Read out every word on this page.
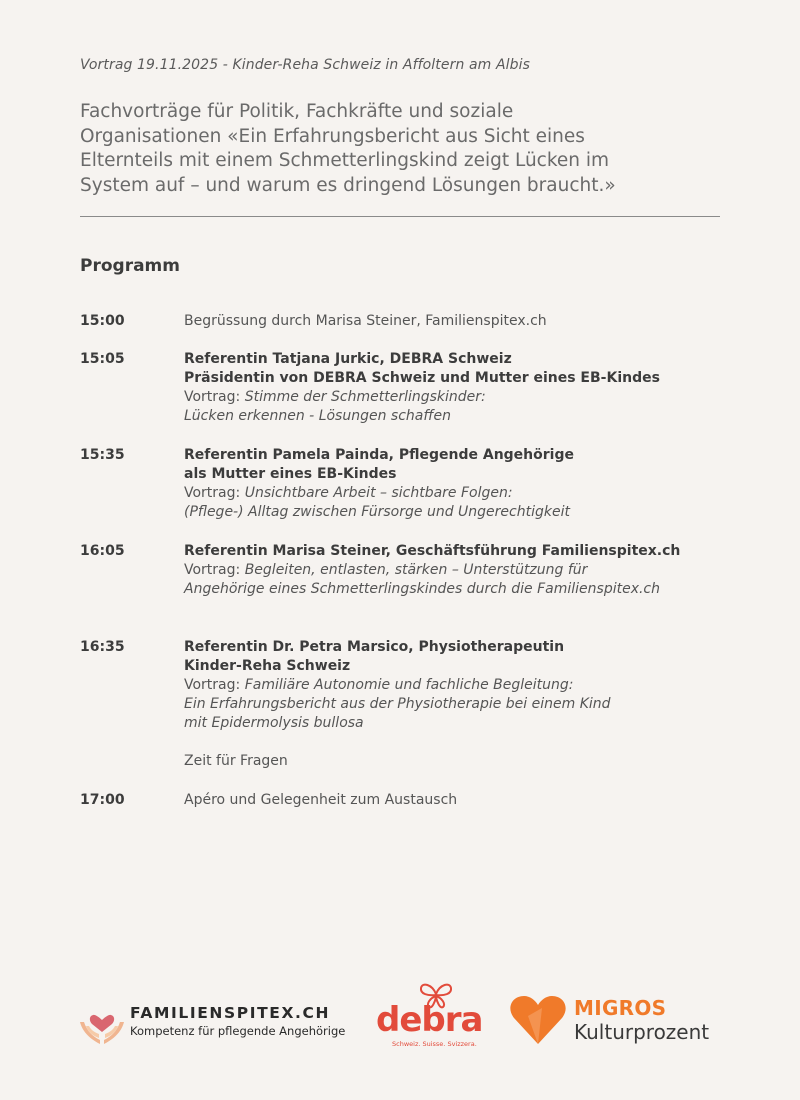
Vortrag 19.11.2025 - Kinder-Reha Schweiz in Affoltern am Albis
Fachvorträge für Politik, Fachkräfte und soziale
Organisationen «Ein Erfahrungsbericht aus Sicht eines
Elternteils mit einem Schmetterlingskind zeigt Lücken im
System auf – und warum es dringend Lösungen braucht.»
Programm
15:00	Begrüssung durch Marisa Steiner, Familienspitex.ch
15:05	Referentin Tatjana Jurkic, DEBRA Schweiz
Präsidentin von DEBRA Schweiz und Mutter eines EB-Kindes
Vortrag: Stimme der Schmetterlingskinder:
Lücken erkennen - Lösungen schaffen
15:35	Referentin Pamela Painda, Pflegende Angehörige
als Mutter eines EB-Kindes
Vortrag: Unsichtbare Arbeit – sichtbare Folgen:
(Pflege-) Alltag zwischen Fürsorge und Ungerechtigkeit
16:05	Referentin Marisa Steiner, Geschäftsführung Familienspitex.ch
Vortrag: Begleiten, entlasten, stärken – Unterstützung für
Angehörige eines Schmetterlingskindes durch die Familienspitex.ch
16:35	Referentin Dr. Petra Marsico, Physiotherapeutin
Kinder-Reha Schweiz
Vortrag: Familiäre Autonomie und fachliche Begleitung:
Ein Erfahrungsbericht aus der Physiotherapie bei einem Kind
mit Epidermolysis bullosa
Zeit für Fragen
17:00	Apéro und Gelegenheit zum Austausch
FAMILIENSPITEX.CH
Kompetenz für pflegende Angehörige debra
Schweiz. Suisse. Svizzera.
MIGROS
Kulturprozent
